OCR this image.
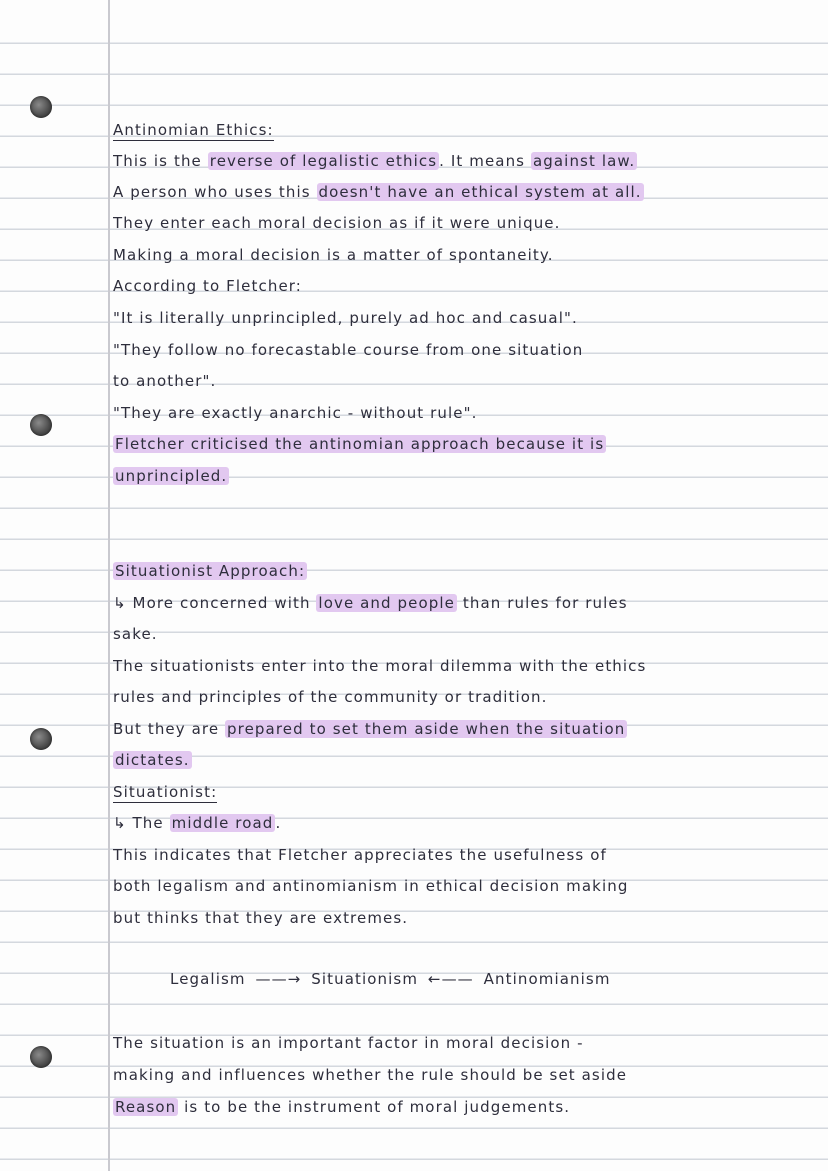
Antinomian Ethics:
This is the reverse of legalistic ethics . It means against law.
A person who uses this doesn't have an ethical system at all.
They enter each moral decision as if it were unique.
Making a moral decision is a matter of spontaneity.
According to Fletcher:
"It is literally unprincipled, purely ad hoc and casual".
"They follow no forecastable course from one situation
to another".
"They are exactly anarchic - without rule".
Fletcher criticised the antinomian approach because it is
unprincipled.
Situationist Approach:
↳ More concerned with love and people than rules for rules
sake.
The situationists enter into the moral dilemma with the ethics
rules and principles of the community or tradition.
But they are prepared to set them aside when the situation
dictates.
Situationist:
↳ The middle road .
This indicates that Fletcher appreciates the usefulness of
both legalism and antinomianism in ethical decision making
but thinks that they are extremes.
Legalism ——→ Situationism ←—— Antinomianism
The situation is an important factor in moral decision -
making and influences whether the rule should be set aside
Reason is to be the instrument of moral judgements.
